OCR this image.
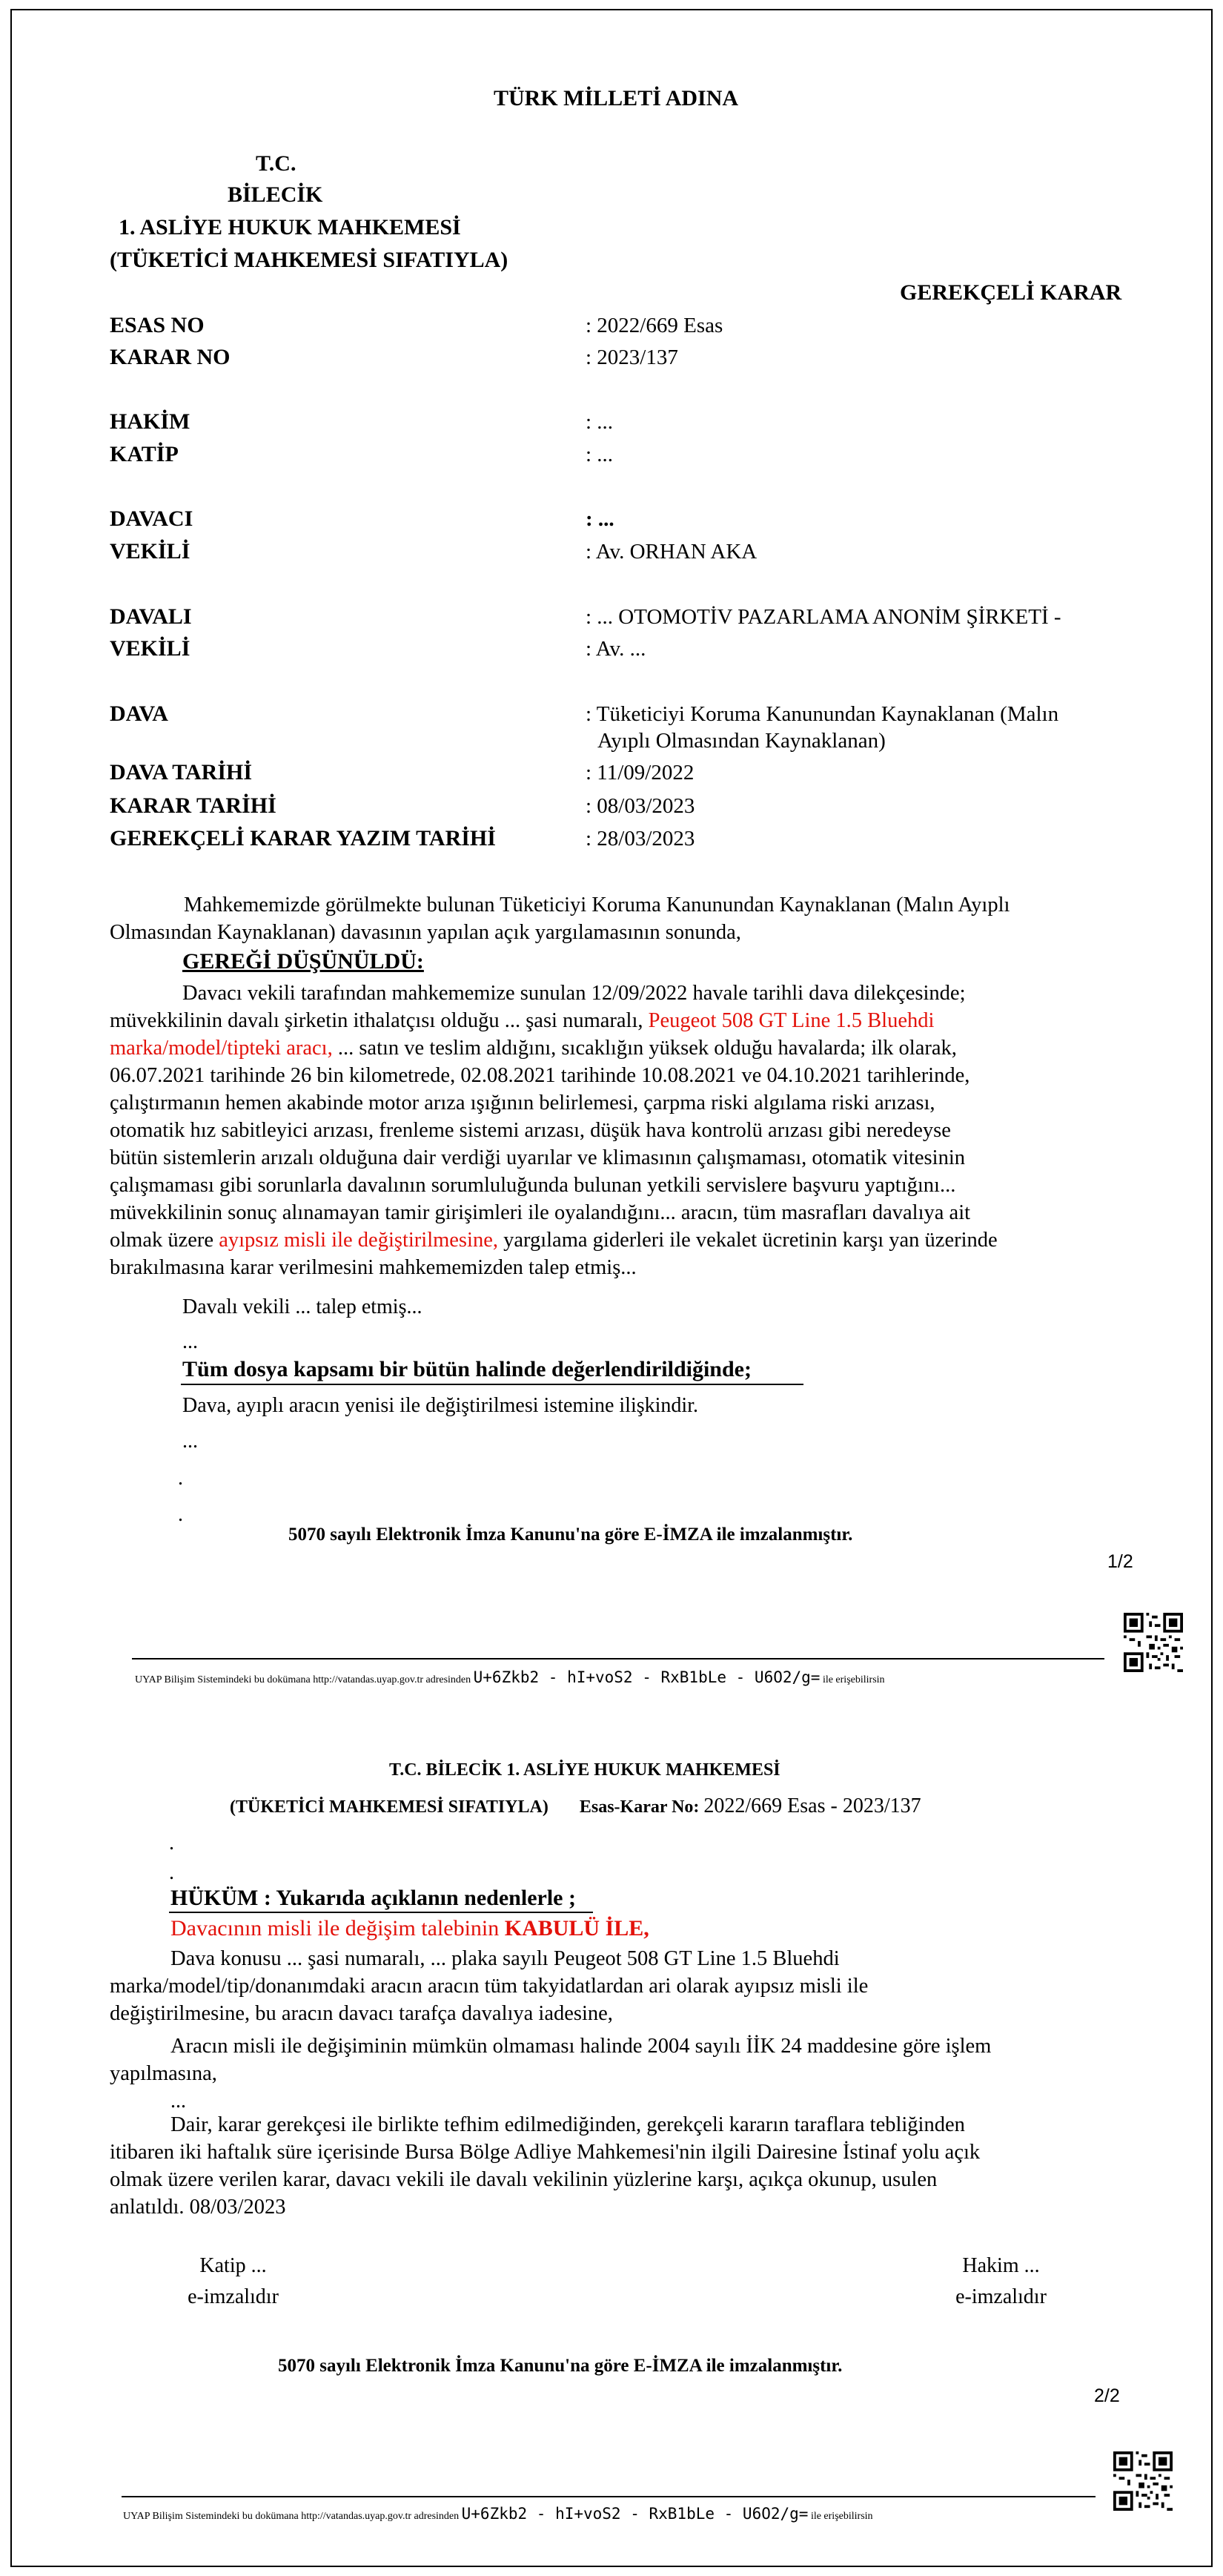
TÜRK MİLLETİ ADINA
T.C.
BİLECİK
1. ASLİYE HUKUK MAHKEMESİ
(TÜKETİCİ MAHKEMESİ SIFATIYLA)
GEREKÇELİ KARAR
ESAS NO	: 2022/669 Esas
KARAR NO	: 2023/137
HAKİM	: ...
KATİP	: ...
DAVACI	: ...
VEKİLİ	: Av. ORHAN AKA
DAVALI	: ... OTOMOTİV PAZARLAMA ANONİM ŞİRKETİ -
VEKİLİ	: Av. ...
DAVA	: Tüketiciyi Koruma Kanunundan Kaynaklanan (Malın
Ayıplı Olmasından Kaynaklanan)
DAVA TARİHİ	: 11/09/2022
KARAR TARİHİ	: 08/03/2023
GEREKÇELİ KARAR YAZIM TARİHİ	: 28/03/2023
Mahkememizde görülmekte bulunan Tüketiciyi Koruma Kanunundan Kaynaklanan (Malın Ayıplı
Olmasından Kaynaklanan) davasının yapılan açık yargılamasının sonunda,
GEREĞİ DÜŞÜNÜLDÜ:
Davacı vekili tarafından mahkememize sunulan 12/09/2022 havale tarihli dava dilekçesinde;
müvekkilinin davalı şirketin ithalatçısı olduğu ... şasi numaralı, Peugeot 508 GT Line 1.5 Bluehdi
marka/model/tipteki aracı, ... satın ve teslim aldığını, sıcaklığın yüksek olduğu havalarda; ilk olarak,
06.07.2021 tarihinde 26 bin kilometrede, 02.08.2021 tarihinde 10.08.2021 ve 04.10.2021 tarihlerinde,
çalıştırmanın hemen akabinde motor arıza ışığının belirlemesi, çarpma riski algılama riski arızası,
otomatik hız sabitleyici arızası, frenleme sistemi arızası, düşük hava kontrolü arızası gibi neredeyse
bütün sistemlerin arızalı olduğuna dair verdiği uyarılar ve klimasının çalışmaması, otomatik vitesinin
çalışmaması gibi sorunlarla davalının sorumluluğunda bulunan yetkili servislere başvuru yaptığını...
müvekkilinin sonuç alınamayan tamir girişimleri ile oyalandığını... aracın, tüm masrafları davalıya ait
olmak üzere ayıpsız misli ile değiştirilmesine, yargılama giderleri ile vekalet ücretinin karşı yan üzerinde
bırakılmasına karar verilmesini mahkememizden talep etmiş...
Davalı vekili ... talep etmiş...
...
Tüm dosya kapsamı bir bütün halinde değerlendirildiğinde;
Dava, ayıplı aracın yenisi ile değiştirilmesi istemine ilişkindir.
...
.
.
5070 sayılı Elektronik İmza Kanunu'na göre E-İMZA ile imzalanmıştır.
1/2
UYAP Bilişim Sistemindeki bu dokümana http://vatandas.uyap.gov.tr adresinden U+6Zkb2 - hI+voS2 - RxB1bLe - U6O2/g= ile erişebilirsin
T.C. BİLECİK 1. ASLİYE HUKUK MAHKEMESİ
(TÜKETİCİ MAHKEMESİ SIFATIYLA) Esas-Karar No: 2022/669 Esas - 2023/137
.
.
HÜKÜM : Yukarıda açıklanın nedenlerle ;
Davacının misli ile değişim talebinin KABULÜ İLE,
Dava konusu ... şasi numaralı, ... plaka sayılı Peugeot 508 GT Line 1.5 Bluehdi
marka/model/tip/donanımdaki aracın aracın tüm takyidatlardan ari olarak ayıpsız misli ile
değiştirilmesine, bu aracın davacı tarafça davalıya iadesine,
Aracın misli ile değişiminin mümkün olmaması halinde 2004 sayılı İİK 24 maddesine göre işlem
yapılmasına,
...
Dair, karar gerekçesi ile birlikte tefhim edilmediğinden, gerekçeli kararın taraflara tebliğinden
itibaren iki haftalık süre içerisinde Bursa Bölge Adliye Mahkemesi'nin ilgili Dairesine İstinaf yolu açık
olmak üzere verilen karar, davacı vekili ile davalı vekilinin yüzlerine karşı, açıkça okunup, usulen
anlatıldı. 08/03/2023
Katip ...
e-imzalıdır
Hakim ...
e-imzalıdır
5070 sayılı Elektronik İmza Kanunu'na göre E-İMZA ile imzalanmıştır.
2/2
UYAP Bilişim Sistemindeki bu dokümana http://vatandas.uyap.gov.tr adresinden U+6Zkb2 - hI+voS2 - RxB1bLe - U6O2/g= ile erişebilirsin
